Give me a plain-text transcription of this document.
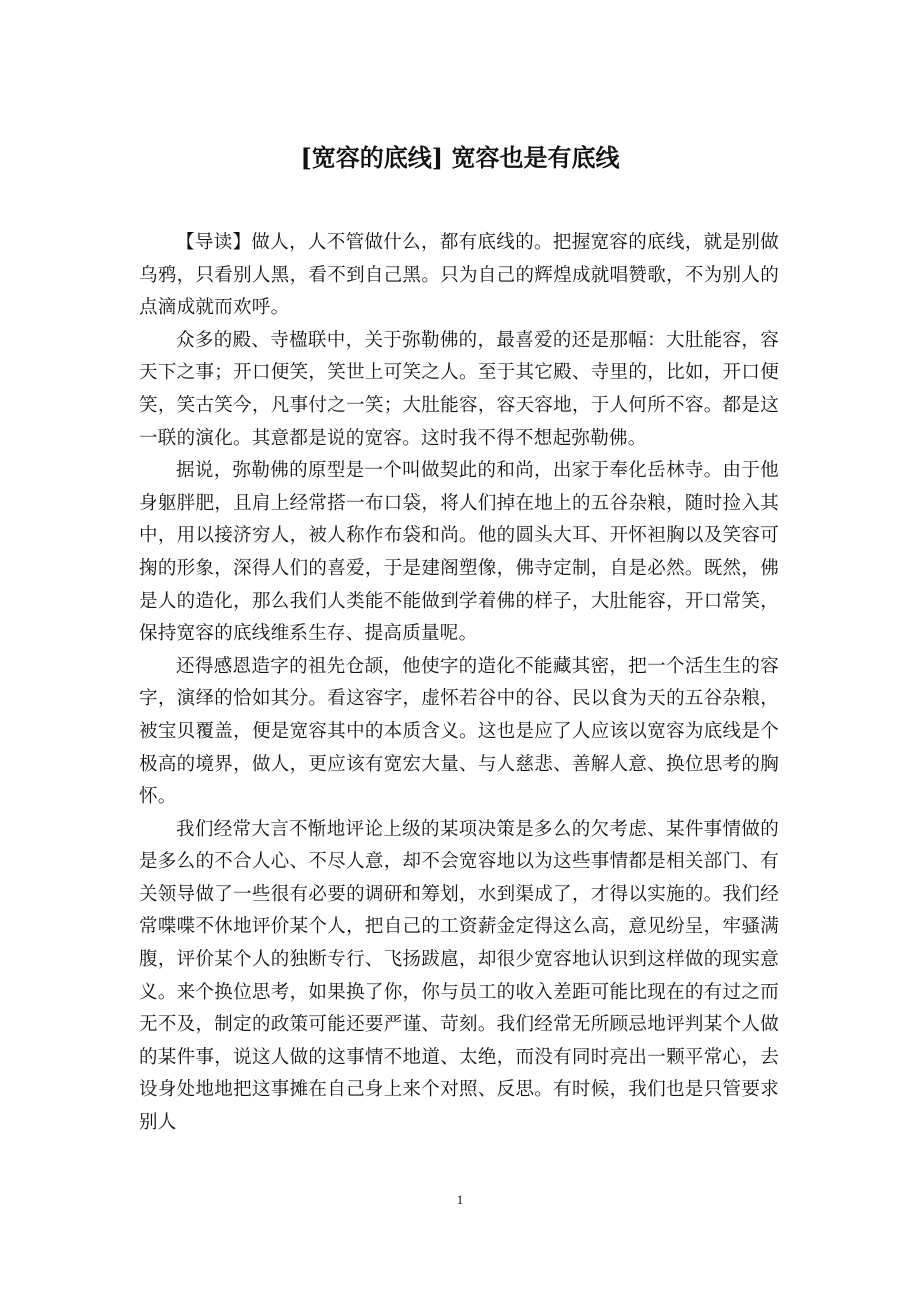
[宽容的底线] 宽容也是有底线

【导读】做人，人不管做什么，都有底线的。把握宽容的底线，就是别做乌鸦，只看别人黑，看不到自己黑。只为自己的辉煌成就唱赞歌，不为别人的点滴成就而欢呼。

众多的殿、寺楹联中，关于弥勒佛的，最喜爱的还是那幅：大肚能容，容天下之事；开口便笑，笑世上可笑之人。至于其它殿、寺里的，比如，开口便笑，笑古笑今，凡事付之一笑；大肚能容，容天容地，于人何所不容。都是这一联的演化。其意都是说的宽容。这时我不得不想起弥勒佛。

据说，弥勒佛的原型是一个叫做契此的和尚，出家于奉化岳林寺。由于他身躯胖肥，且肩上经常搭一布口袋，将人们掉在地上的五谷杂粮，随时捡入其中，用以接济穷人，被人称作布袋和尚。他的圆头大耳、开怀袒胸以及笑容可掬的形象，深得人们的喜爱，于是建阁塑像，佛寺定制，自是必然。既然，佛是人的造化，那么我们人类能不能做到学着佛的样子，大肚能容，开口常笑，保持宽容的底线维系生存、提高质量呢。

还得感恩造字的祖先仓颉，他使字的造化不能藏其密，把一个活生生的容字，演绎的恰如其分。看这容字，虚怀若谷中的谷、民以食为天的五谷杂粮，被宝贝覆盖，便是宽容其中的本质含义。这也是应了人应该以宽容为底线是个极高的境界，做人，更应该有宽宏大量、与人慈悲、善解人意、换位思考的胸怀。

我们经常大言不惭地评论上级的某项决策是多么的欠考虑、某件事情做的是多么的不合人心、不尽人意，却不会宽容地以为这些事情都是相关部门、有关领导做了一些很有必要的调研和筹划，水到渠成了，才得以实施的。我们经常喋喋不休地评价某个人，把自己的工资薪金定得这么高，意见纷呈，牢骚满腹，评价某个人的独断专行、飞扬跋扈，却很少宽容地认识到这样做的现实意义。来个换位思考，如果换了你，你与员工的收入差距可能比现在的有过之而无不及，制定的政策可能还要严谨、苛刻。我们经常无所顾忌地评判某个人做的某件事，说这人做的这事情不地道、太绝，而没有同时亮出一颗平常心，去设身处地地把这事摊在自己身上来个对照、反思。有时候，我们也是只管要求别人

1
